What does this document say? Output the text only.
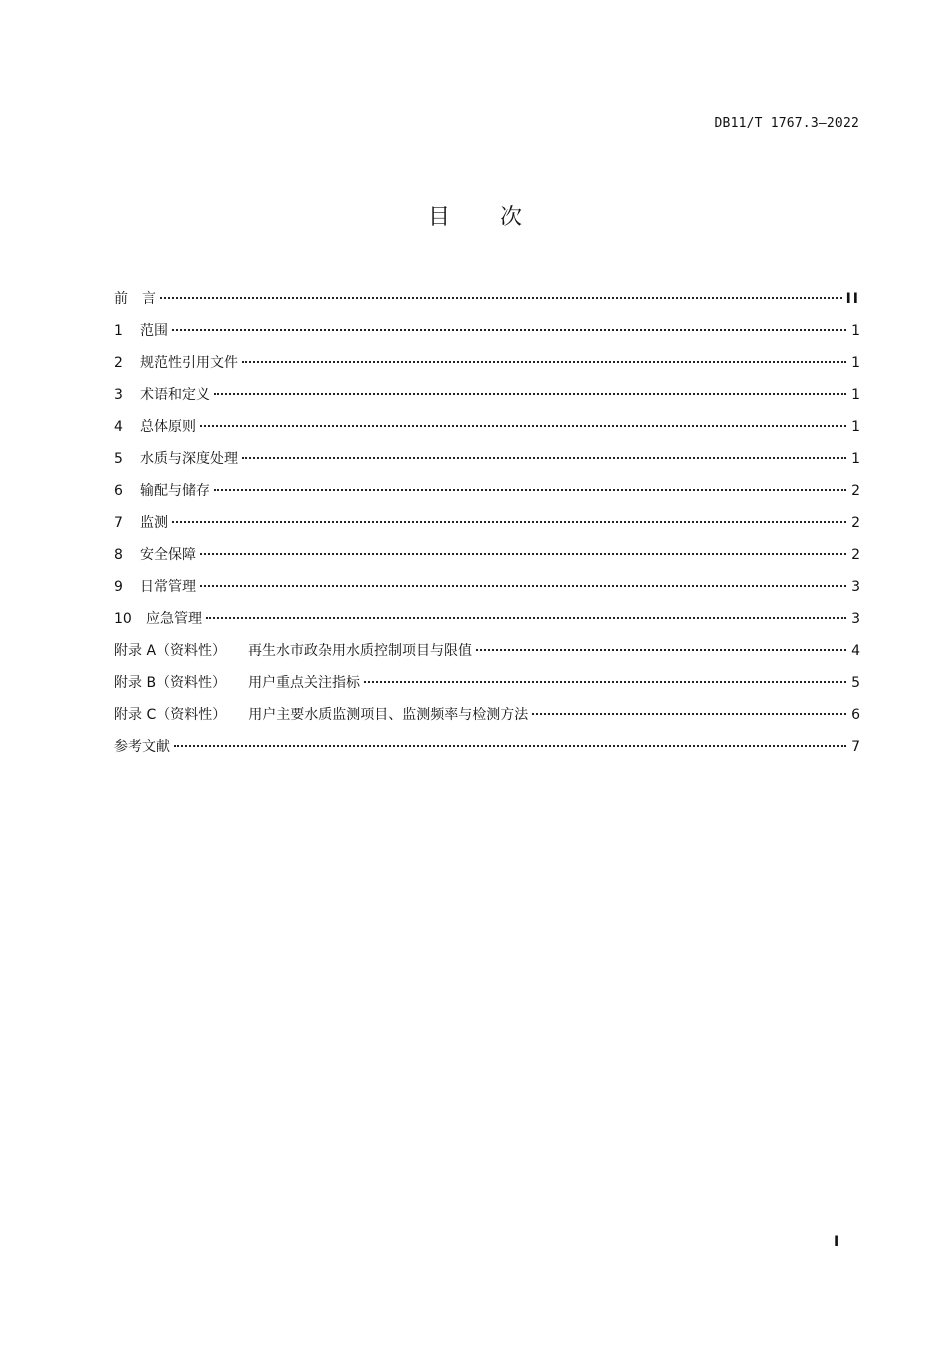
DB11/T 1767.3—2022
目 次
前　言	II
1	范围	1
2	规范性引用文件	1
3	术语和定义	1
4	总体原则	1
5	水质与深度处理	1
6	输配与储存	2
7	监测	2
8	安全保障	2
9	日常管理	3
10	应急管理	3
附录 A（资料性） 再生水市政杂用水质控制项目与限值	4
附录 B（资料性） 用户重点关注指标	5
附录 C（资料性） 用户主要水质监测项目、监测频率与检测方法	6
参考文献	7
I
